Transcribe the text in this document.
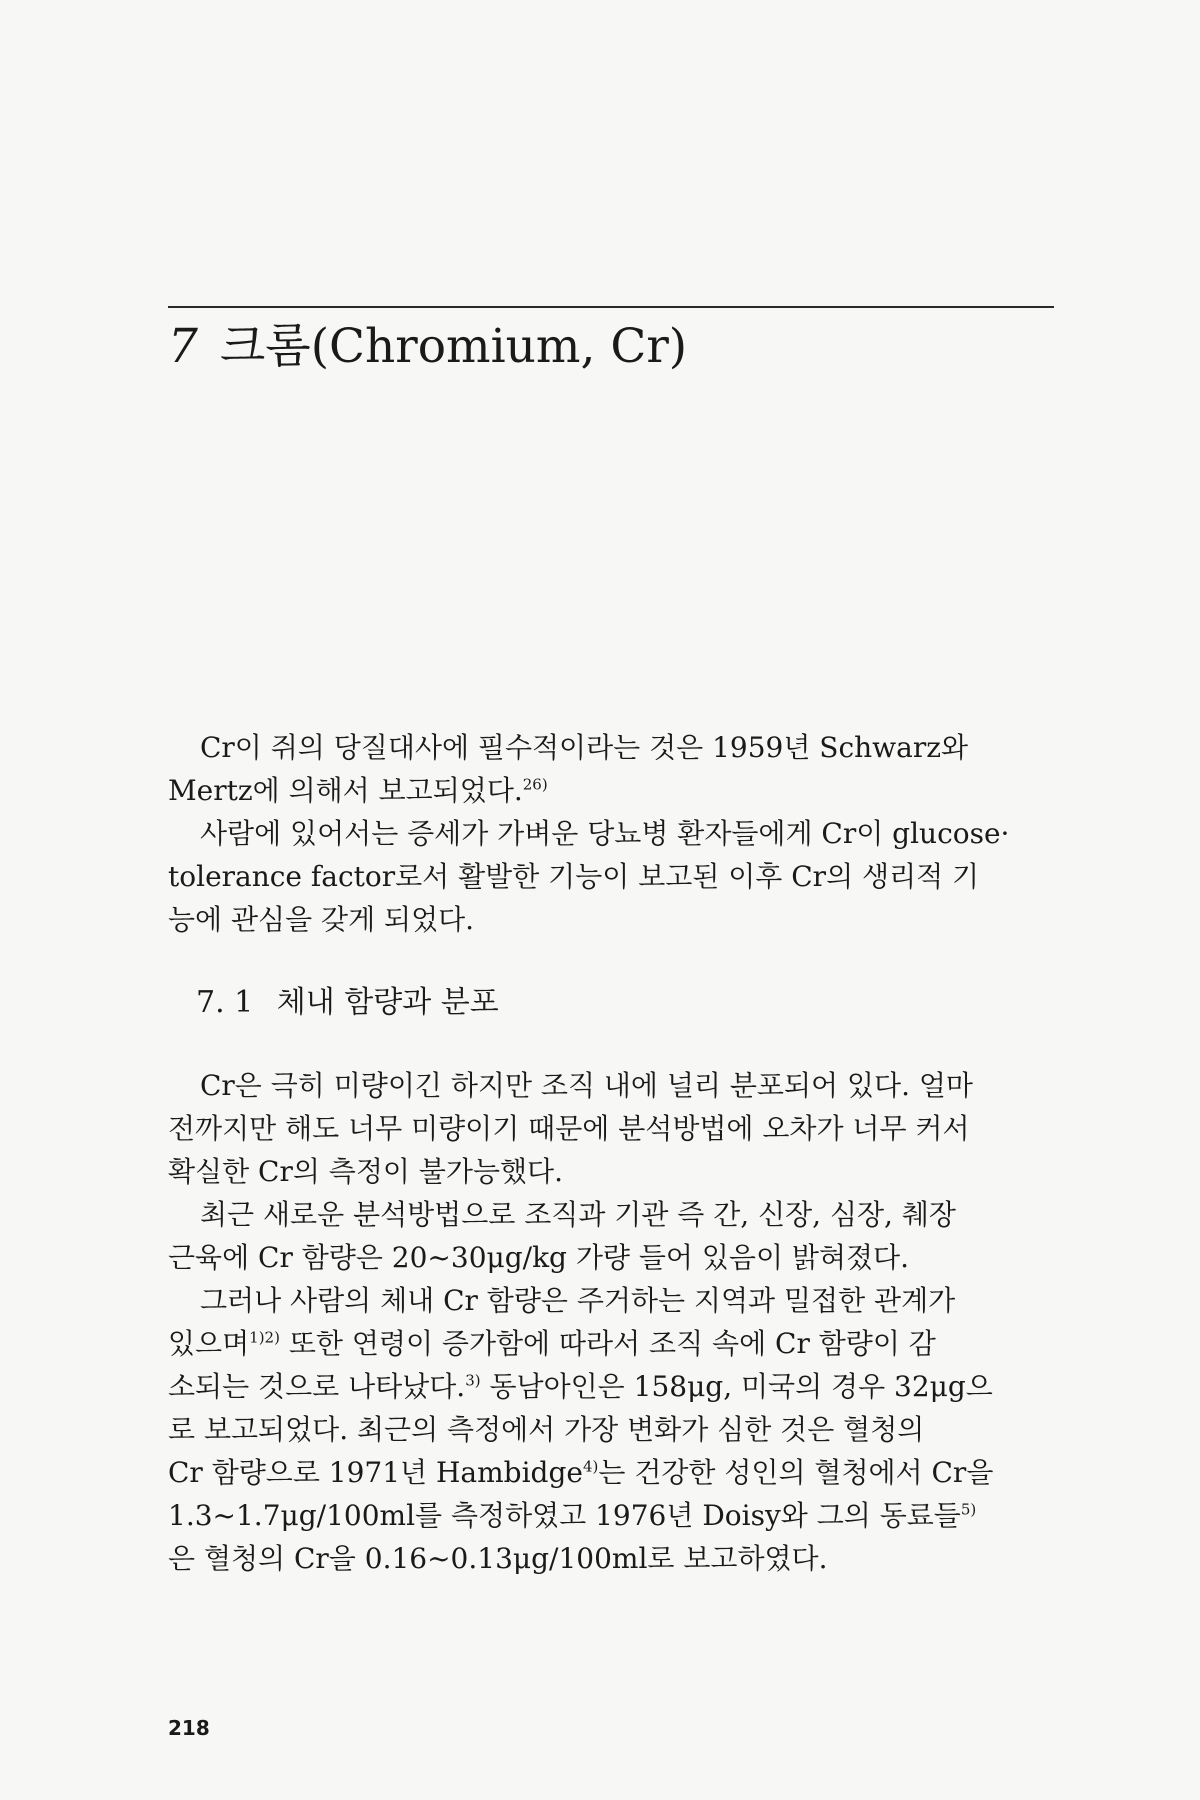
7 크롬(Chromium, Cr)

Cr이 쥐의 당질대사에 필수적이라는 것은 1959년 Schwarz와
Mertz에 의해서 보고되었다.$^{26)}$

사람에 있어서는 증세가 가벼운 당뇨병 환자들에게 Cr이 glucose·
tolerance factor로서 활발한 기능이 보고된 이후 Cr의 생리적 기
능에 관심을 갖게 되었다.

7. 1 체내 함량과 분포

Cr은 극히 미량이긴 하지만 조직 내에 널리 분포되어 있다. 얼마
전까지만 해도 너무 미량이기 때문에 분석방법에 오차가 너무 커서
확실한 Cr의 측정이 불가능했다.

최근 새로운 분석방법으로 조직과 기관 즉 간, 신장, 심장, 췌장
근육에 Cr 함량은 20~30μg/kg 가량 들어 있음이 밝혀졌다.

그러나 사람의 체내 Cr 함량은 주거하는 지역과 밀접한 관계가
있으며$^{1)2)}$ 또한 연령이 증가함에 따라서 조직 속에 Cr 함량이 감
소되는 것으로 나타났다.$^{3)}$ 동남아인은 158μg, 미국의 경우 32μg으
로 보고되었다. 최근의 측정에서 가장 변화가 심한 것은 혈청의
Cr 함량으로 1971년 Hambidge$^{4)}$는 건강한 성인의 혈청에서 Cr을
1.3~1.7μg/100ml를 측정하였고 1976년 Doisy와 그의 동료들$^{5)}$
은 혈청의 Cr을 0.16~0.13μg/100ml로 보고하였다.

218
